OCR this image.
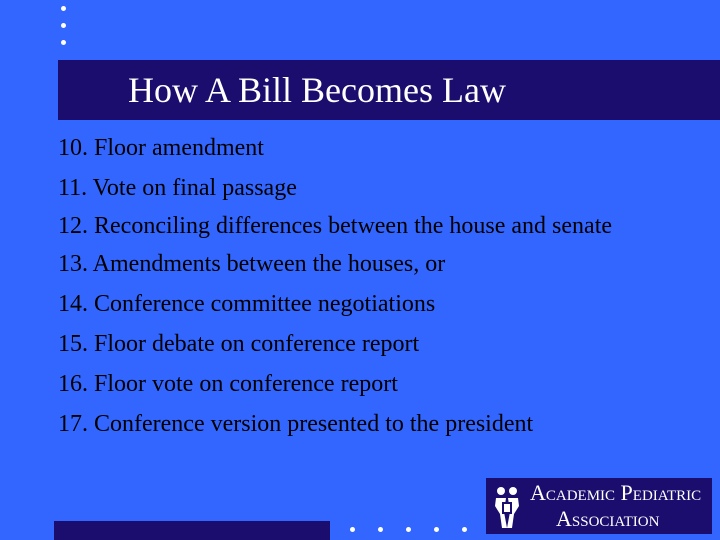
How A Bill Becomes Law
10. Floor amendment
11. Vote on final passage
12. Reconciling differences between the house and senate
13. Amendments between the houses, or
14. Conference committee negotiations
15. Floor debate on conference report
16. Floor vote on conference report
17. Conference version presented to the president
Academic Pediatric
Association
